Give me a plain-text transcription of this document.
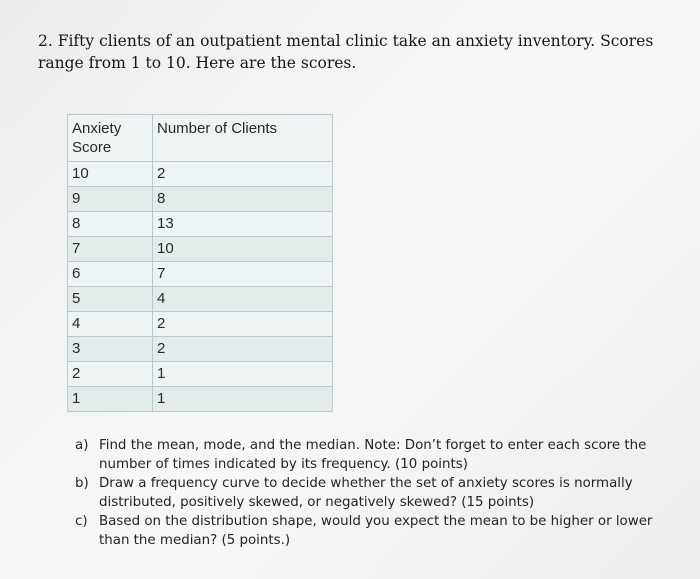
2. Fifty clients of an outpatient mental clinic take an anxiety inventory. Scores range from 1 to 10. Here are the scores.
Anxiety Score	Number of Clients
10	2
9	8
8	13
7	10
6	7
5	4
4	2
3	2
2	1
1	1
a) Find the mean, mode, and the median. Note: Don’t forget to enter each score the number of times indicated by its frequency. (10 points)
b) Draw a frequency curve to decide whether the set of anxiety scores is normally distributed, positively skewed, or negatively skewed? (15 points)
c) Based on the distribution shape, would you expect the mean to be higher or lower than the median? (5 points.)
